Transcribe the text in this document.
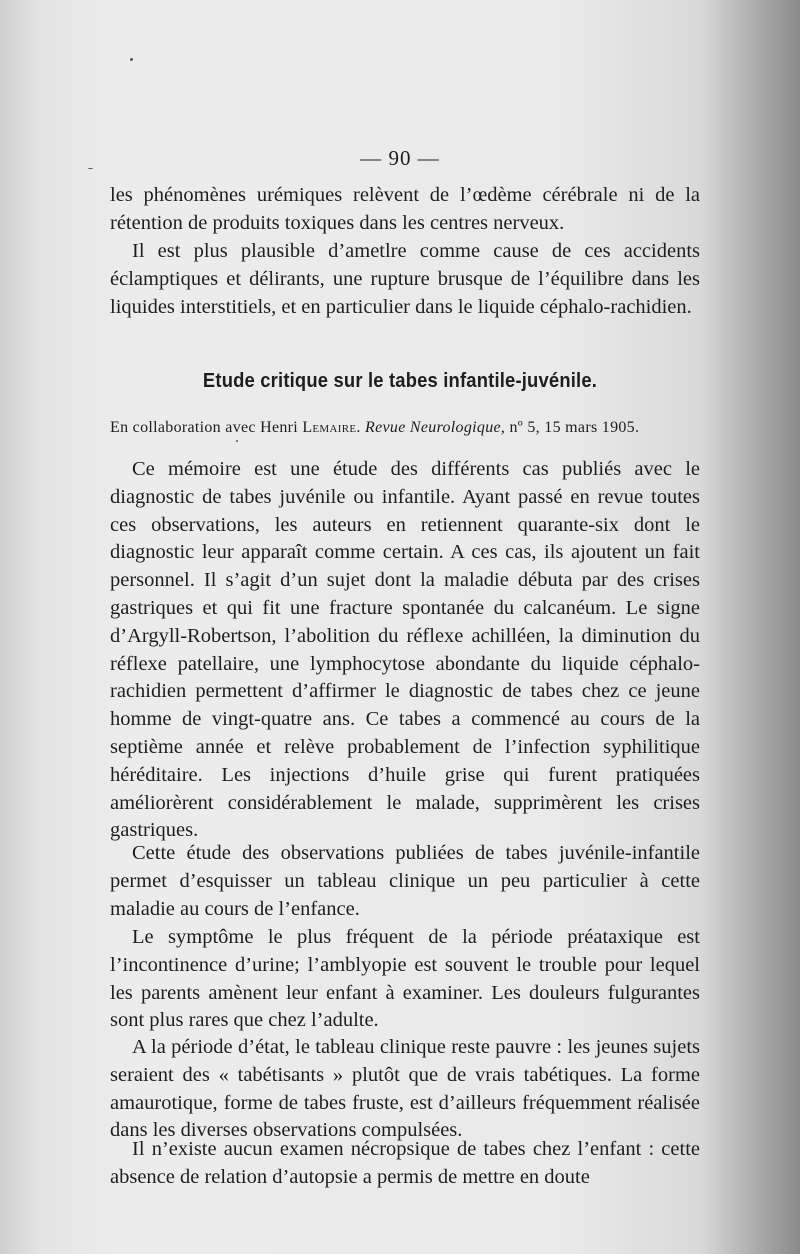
— 90 —

les phénomènes urémiques relèvent de l’œdème cérébrale ni de la rétention de produits toxiques dans les centres nerveux.

Il est plus plausible d’ametlre comme cause de ces accidents éclamptiques et délirants, une rupture brusque de l’équilibre dans les liquides interstitiels, et en particulier dans le liquide céphalo-rachidien.

Etude critique sur le tabes infantile-juvénile.
En collaboration avec Henri Lemaire. Revue Neurologique, nº 5, 15 mars 1905.

Ce mémoire est une étude des différents cas publiés avec le diagnostic de tabes juvénile ou infantile. Ayant passé en revue toutes ces observations, les auteurs en retiennent quarante-six dont le diagnostic leur apparaît comme certain. A ces cas, ils ajoutent un fait personnel. Il s’agit d’un sujet dont la maladie débuta par des crises gastriques et qui fit une fracture spontanée du calcanéum. Le signe d’Argyll-Robertson, l’abolition du réflexe achilléen, la diminution du réflexe patellaire, une lymphocytose abondante du liquide céphalo-rachidien permettent d’affirmer le diagnostic de tabes chez ce jeune homme de vingt-quatre ans. Ce tabes a commencé au cours de la septième année et relève probablement de l’infection syphilitique héréditaire. Les injections d’huile grise qui furent pratiquées améliorèrent considérablement le malade, supprimèrent les crises gastriques.

Cette étude des observations publiées de tabes juvénile-infantile permet d’esquisser un tableau clinique un peu particulier à cette maladie au cours de l’enfance.

Le symptôme le plus fréquent de la période préataxique est l’incontinence d’urine; l’amblyopie est souvent le trouble pour lequel les parents amènent leur enfant à examiner. Les douleurs fulgurantes sont plus rares que chez l’adulte.

A la période d’état, le tableau clinique reste pauvre : les jeunes sujets seraient des « tabétisants » plutôt que de vrais tabétiques. La forme amaurotique, forme de tabes fruste, est d’ailleurs fréquemment réalisée dans les diverses observations compulsées.

Il n’existe aucun examen nécropsique de tabes chez l’enfant : cette absence de relation d’autopsie a permis de mettre en doute
